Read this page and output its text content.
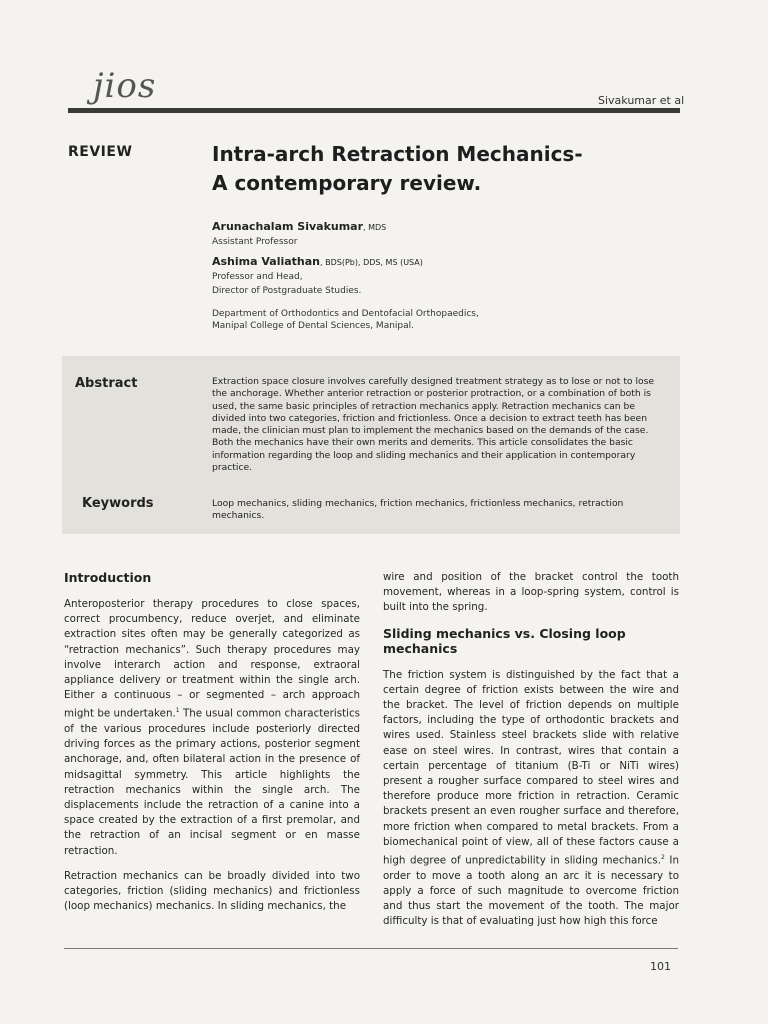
jios	Sivakumar et al
REVIEW	Intra-arch Retraction Mechanics-
A contemporary review.
Arunachalam Sivakumar, MDS
Assistant Professor
Ashima Valiathan, BDS(Pb), DDS, MS (USA)
Professor and Head,
Director of Postgraduate Studies.
Department of Orthodontics and Dentofacial Orthopaedics,
Manipal College of Dental Sciences, Manipal.
Abstract	Extraction space closure involves carefully designed treatment strategy as to lose or not to lose the anchorage. Whether anterior retraction or posterior protraction, or a combination of both is used, the same basic principles of retraction mechanics apply. Retraction mechanics can be divided into two categories, friction and frictionless. Once a decision to extract teeth has been made, the clinician must plan to implement the mechanics based on the demands of the case. Both the mechanics have their own merits and demerits. This article consolidates the basic information regarding the loop and sliding mechanics and their application in contemporary practice.

Keywords	Loop mechanics, sliding mechanics, friction mechanics, frictionless mechanics, retraction mechanics.

Introduction

Anteroposterior therapy procedures to close spaces, correct procumbency, reduce overjet, and eliminate extraction sites often may be generally categorized as “retraction mechanics”. Such therapy procedures may involve interarch action and response, extraoral appliance delivery or treatment within the single arch. Either a continuous – or segmented – arch approach might be undertaken.$^1$ The usual common characteristics of the various procedures include posteriorly directed driving forces as the primary actions, posterior segment anchorage, and, often bilateral action in the presence of midsagittal symmetry. This article highlights the retraction mechanics within the single arch. The displacements include the retraction of a canine into a space created by the extraction of a first premolar, and the retraction of an incisal segment or en masse retraction.

Retraction mechanics can be broadly divided into two categories, friction (sliding mechanics) and frictionless (loop mechanics) mechanics. In sliding mechanics, the

wire and position of the bracket control the tooth movement, whereas in a loop-spring system, control is built into the spring.

Sliding mechanics vs. Closing loop mechanics

The friction system is distinguished by the fact that a certain degree of friction exists between the wire and the bracket. The level of friction depends on multiple factors, including the type of orthodontic brackets and wires used. Stainless steel brackets slide with relative ease on steel wires. In contrast, wires that contain a certain percentage of titanium (B-Ti or NiTi wires) present a rougher surface compared to steel wires and therefore produce more friction in retraction. Ceramic brackets present an even rougher surface and therefore, more friction when compared to metal brackets. From a biomechanical point of view, all of these factors cause a high degree of unpredictability in sliding mechanics.$^2$ In order to move a tooth along an arc it is necessary to apply a force of such magnitude to overcome friction and thus start the movement of the tooth. The major difficulty is that of evaluating just how high this force

101
